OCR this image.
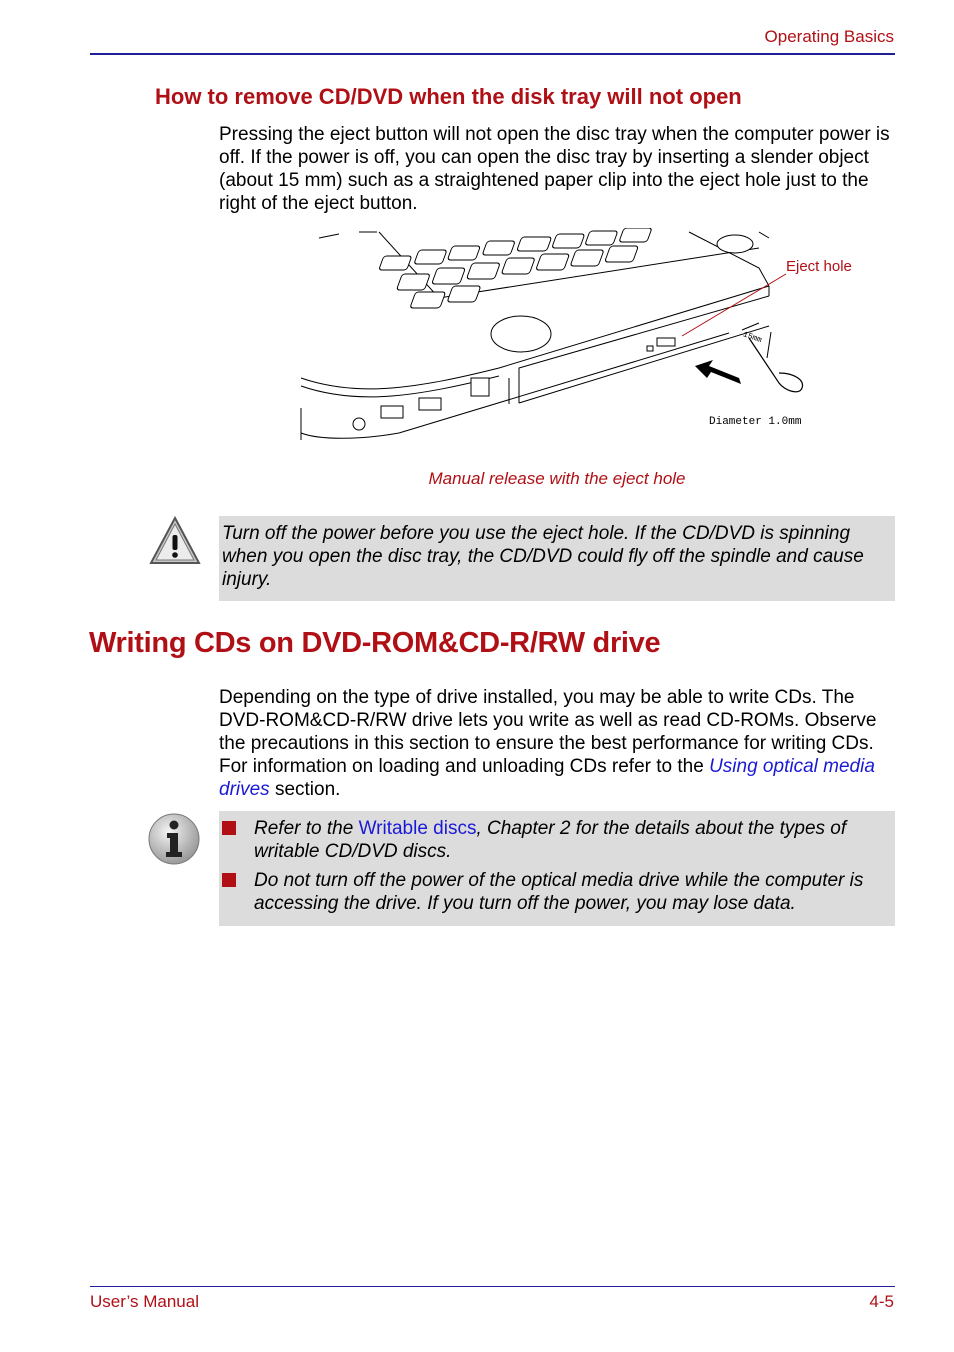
Operating Basics
How to remove CD/DVD when the disk tray will not open

Pressing the eject button will not open the disc tray when the computer power is off. If the power is off, you can open the disc tray by inserting a slender object (about 15 mm) such as a straightened paper clip into the eject hole just to the right of the eject button.

15mm
Eject hole
Diameter 1.0mm
Manual release with the eject hole

Turn off the power before you use the eject hole. If the CD/DVD is spinning when you open the disc tray, the CD/DVD could fly off the spindle and cause injury.

Writing CDs on DVD-ROM&CD-R/RW drive

Depending on the type of drive installed, you may be able to write CDs. The DVD-ROM&CD-R/RW drive lets you write as well as read CD-ROMs. Observe the precautions in this section to ensure the best performance for writing CDs. For information on loading and unloading CDs refer to the Using optical media drives section.

Refer to the Writable discs, Chapter 2 for the details about the types of writable CD/DVD discs.
Do not turn off the power of the optical media drive while the computer is accessing the drive. If you turn off the power, you may lose data.
User’s Manual	4-5
